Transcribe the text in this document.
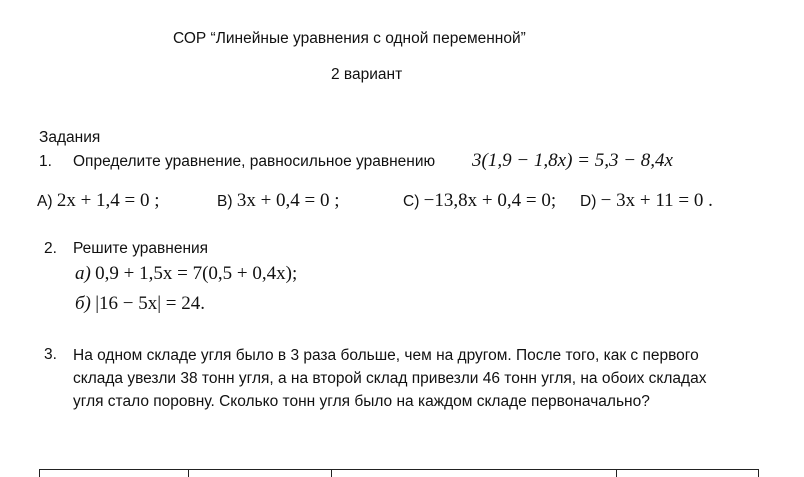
СОР “Линейные уравнения с одной переменной”
2 вариант
Задания
1. Определите уравнение, равносильное уравнению 3(1,9 − 1,8x) = 5,3 − 8,4x
A) 2x + 1,4 = 0 ;	B) 3x + 0,4 = 0 ;	C) −13,8x + 0,4 = 0; D) − 3x + 11 = 0 .
2. Решите уравнения
а) 0,9 + 1,5x = 7(0,5 + 0,4x);
б) |16 − 5x| = 24.
3. На одном складе угля было в 3 раза больше, чем на другом. После того, как с первого склада увезли 38 тонн угля, а на второй склад привезли 46 тонн угля, на обоих складах угля стало поровну. Сколько тонн угля было на каждом складе первоначально?
